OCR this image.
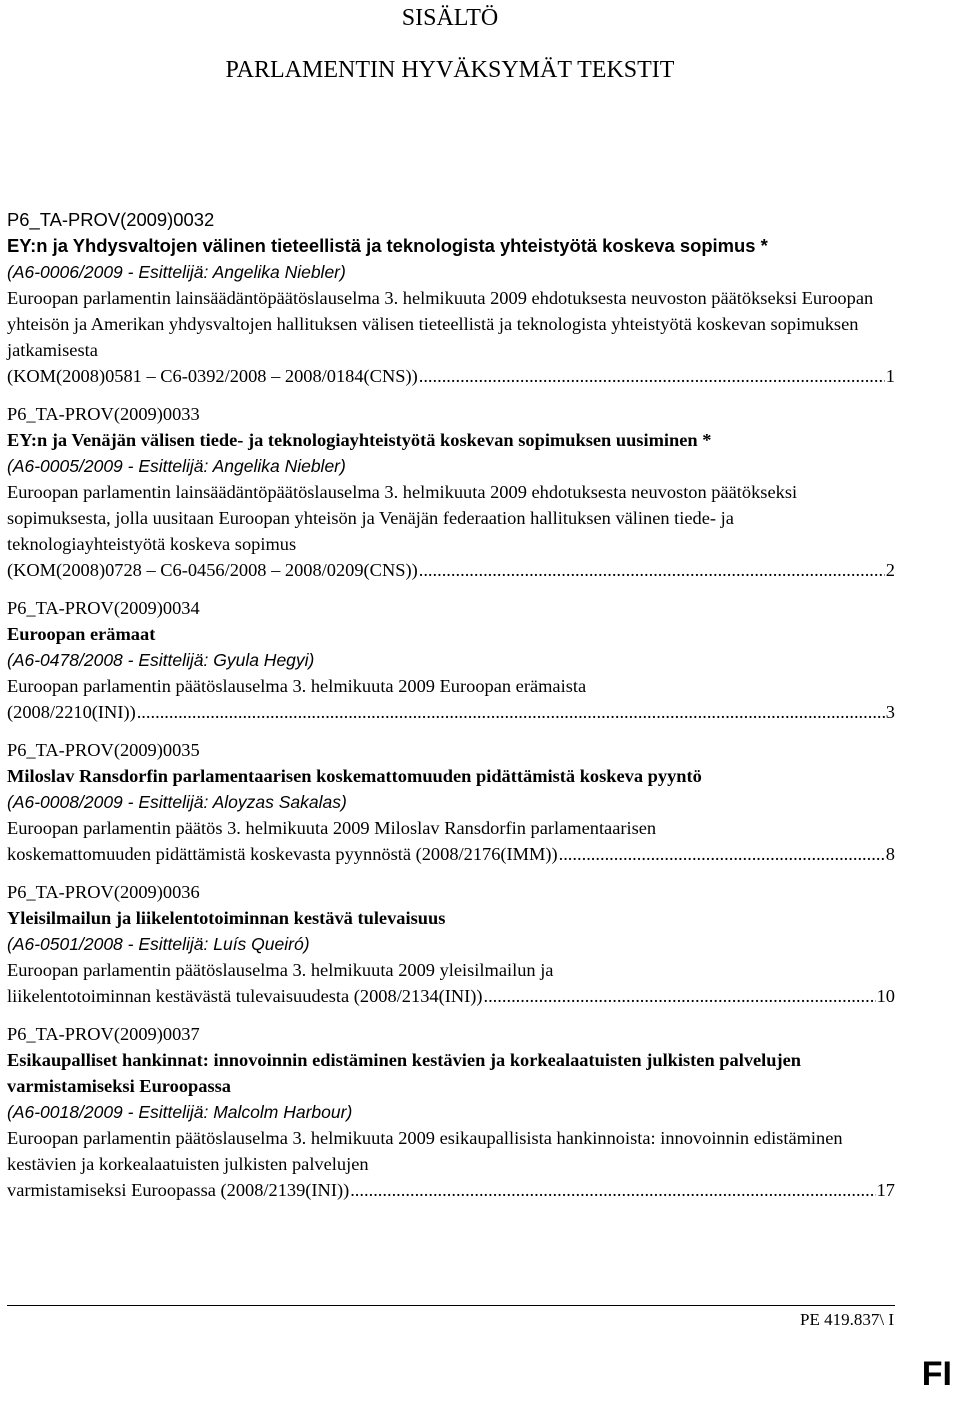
SISÄLTÖ
PARLAMENTIN HYVÄKSYMÄT TEKSTIT
P6_TA-PROV(2009)0032
EY:n ja Yhdysvaltojen välinen tieteellistä ja teknologista yhteistyötä koskeva sopimus *
(A6-0006/2009 - Esittelijä: Angelika Niebler)
Euroopan parlamentin lainsäädäntöpäätöslauselma 3. helmikuuta 2009 ehdotuksesta neuvoston päätökseksi Euroopan yhteisön ja Amerikan yhdysvaltojen hallituksen välisen tieteellistä ja teknologista yhteistyötä koskevan sopimuksen jatkamisesta
(KOM(2008)0581 – C6-0392/2008 – 2008/0184(CNS)) .....	1
P6_TA-PROV(2009)0033
EY:n ja Venäjän välisen tiede- ja teknologiayhteistyötä koskevan sopimuksen uusiminen *
(A6-0005/2009 - Esittelijä: Angelika Niebler)
Euroopan parlamentin lainsäädäntöpäätöslauselma 3. helmikuuta 2009 ehdotuksesta neuvoston päätökseksi sopimuksesta, jolla uusitaan Euroopan yhteisön ja Venäjän federaation hallituksen välinen tiede- ja teknologiayhteistyötä koskeva sopimus
(KOM(2008)0728 – C6-0456/2008 – 2008/0209(CNS)) .....	2
P6_TA-PROV(2009)0034
Euroopan erämaat
(A6-0478/2008 - Esittelijä: Gyula Hegyi)
Euroopan parlamentin päätöslauselma 3. helmikuuta 2009 Euroopan erämaista
(2008/2210(INI)) .....	3
P6_TA-PROV(2009)0035
Miloslav Ransdorfin parlamentaarisen koskemattomuuden pidättämistä koskeva pyyntö
(A6-0008/2009 - Esittelijä: Aloyzas Sakalas)
Euroopan parlamentin päätös 3. helmikuuta 2009 Miloslav Ransdorfin parlamentaarisen
koskemattomuuden pidättämistä koskevasta pyynnöstä (2008/2176(IMM)) .....	8
P6_TA-PROV(2009)0036
Yleisilmailun ja liikelentotoiminnan kestävä tulevaisuus
(A6-0501/2008 - Esittelijä: Luís Queiró)
Euroopan parlamentin päätöslauselma 3. helmikuuta 2009 yleisilmailun ja
liikelentotoiminnan kestävästä tulevaisuudesta (2008/2134(INI)) .....	10
P6_TA-PROV(2009)0037
Esikaupalliset hankinnat: innovoinnin edistäminen kestävien ja korkealaatuisten julkisten palvelujen varmistamiseksi Euroopassa
(A6-0018/2009 - Esittelijä: Malcolm Harbour)
Euroopan parlamentin päätöslauselma 3. helmikuuta 2009 esikaupallisista hankinnoista: innovoinnin edistäminen kestävien ja korkealaatuisten julkisten palvelujen
varmistamiseksi Euroopassa (2008/2139(INI)) .....	17
PE 419.837\ I
FI
